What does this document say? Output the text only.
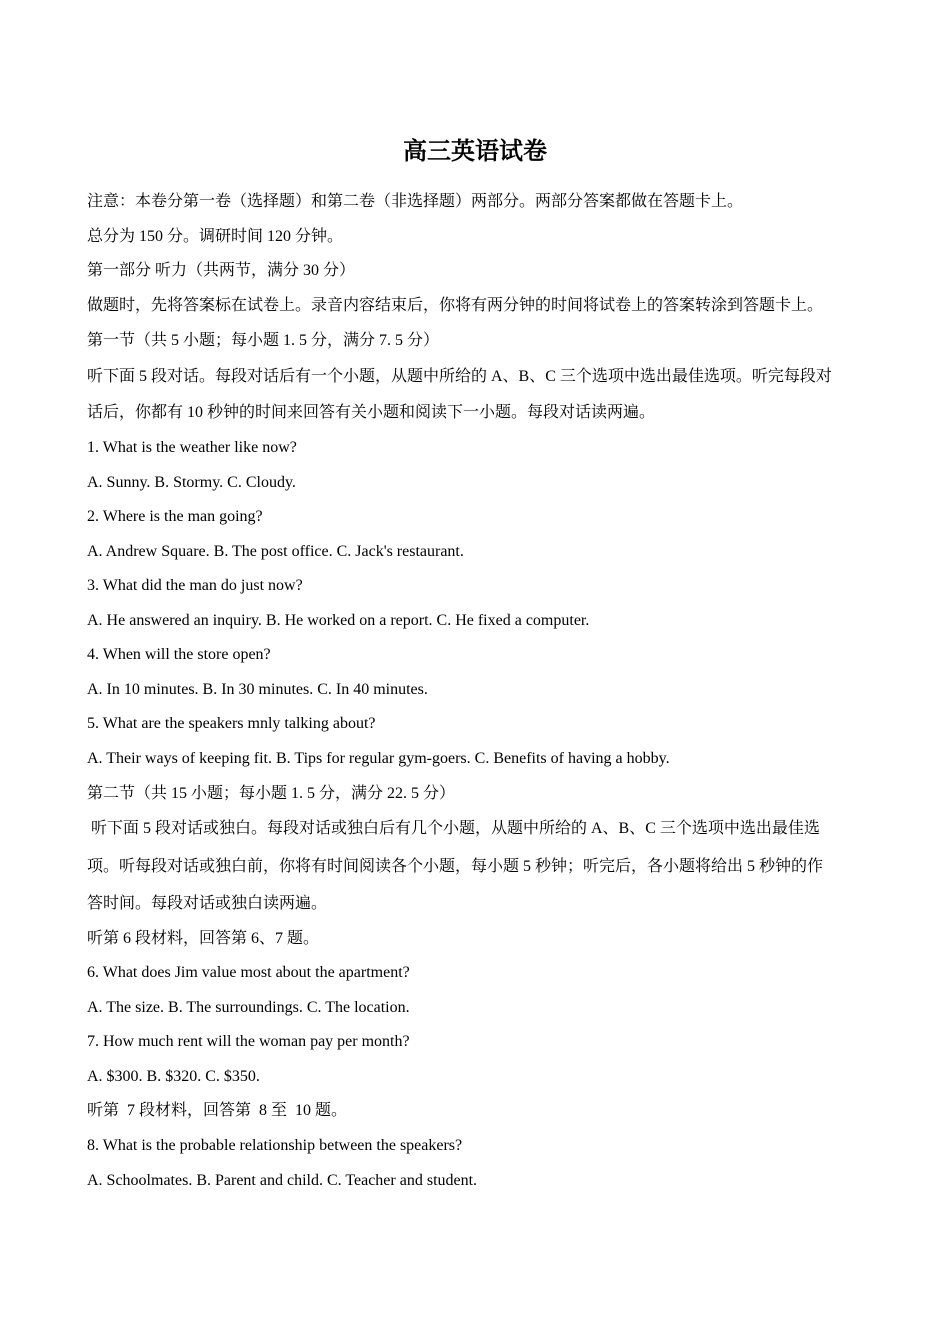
高三英语试卷
注意：本卷分第一卷（选择题）和第二卷（非选择题）两部分。两部分答案都做在答题卡上。
总分为 150 分。调研时间 120 分钟。
第一部分 听力（共两节，满分 30 分）
做题时，先将答案标在试卷上。录音内容结束后，你将有两分钟的时间将试卷上的答案转涂到答题卡上。
第一节（共 5 小题；每小题 1. 5 分，满分 7. 5 分）
听下面 5 段对话。每段对话后有一个小题，从题中所给的 A、B、C 三个选项中选出最佳选项。听完每段对
话后，你都有 10 秒钟的时间来回答有关小题和阅读下一小题。每段对话读两遍。
1. What is the weather like now?
A. Sunny. B. Stormy. C. Cloudy.
2. Where is the man going?
A. Andrew Square. B. The post office. C. Jack's restaurant.
3. What did the man do just now?
A. He answered an inquiry. B. He worked on a report. C. He fixed a computer.
4. When will the store open?
A. In 10 minutes. B. In 30 minutes. C. In 40 minutes.
5. What are the speakers mnly talking about?
A. Their ways of keeping fit. B. Tips for regular gym-goers. C. Benefits of having a hobby.
第二节（共 15 小题；每小题 1. 5 分，满分 22. 5 分）
听下面 5 段对话或独白。每段对话或独白后有几个小题，从题中所给的 A、B、C 三个选项中选出最佳选
项。听每段对话或独白前，你将有时间阅读各个小题，每小题 5 秒钟；听完后，各小题将给出 5 秒钟的作
答时间。每段对话或独白读两遍。
听第 6 段材料，回答第 6、7 题。
6. What does Jim value most about the apartment?
A. The size. B. The surroundings. C. The location.
7. How much rent will the woman pay per month?
A. $300. B. $320. C. $350.
听第  7 段材料，回答第  8 至  10 题。
8. What is the probable relationship between the speakers?
A. Schoolmates. B. Parent and child. C. Teacher and student.
